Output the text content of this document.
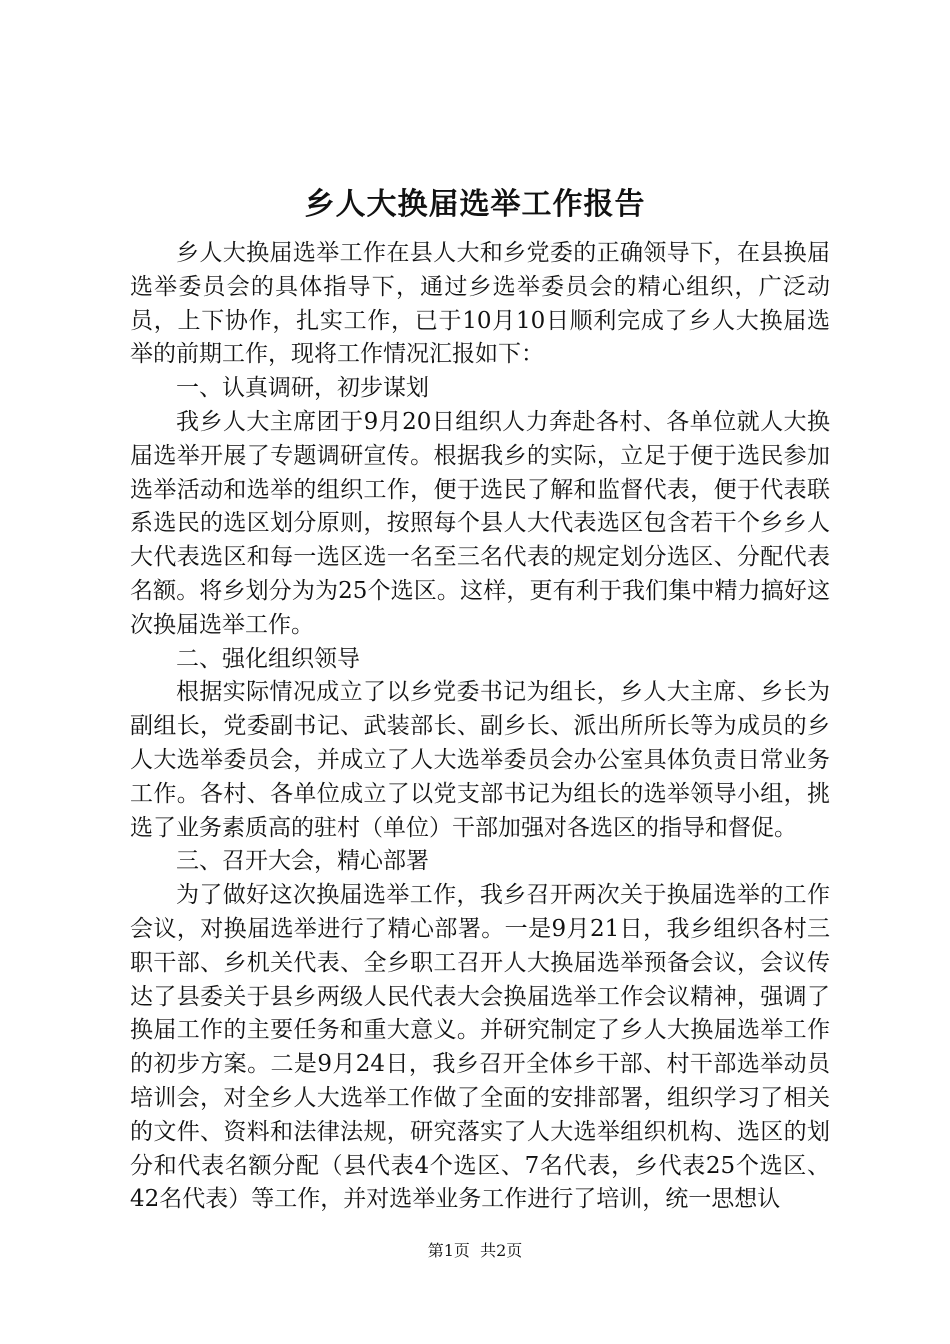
乡人大换届选举工作报告

乡人大换届选举工作在县人大和乡党委的正确领导下，在县换届选举委员会的具体指导下，通过乡选举委员会的精心组织，广泛动员，上下协作，扎实工作，已于10月10日顺利完成了乡人大换届选举的前期工作，现将工作情况汇报如下：

一、认真调研，初步谋划

我乡人大主席团于9月20日组织人力奔赴各村、各单位就人大换届选举开展了专题调研宣传。根据我乡的实际，立足于便于选民参加选举活动和选举的组织工作，便于选民了解和监督代表，便于代表联系选民的选区划分原则，按照每个县人大代表选区包含若干个乡乡人大代表选区和每一选区选一名至三名代表的规定划分选区、分配代表名额。将乡划分为为25个选区。这样，更有利于我们集中精力搞好这次换届选举工作。

二、强化组织领导

根据实际情况成立了以乡党委书记为组长，乡人大主席、乡长为副组长，党委副书记、武装部长、副乡长、派出所所长等为成员的乡人大选举委员会，并成立了人大选举委员会办公室具体负责日常业务工作。各村、各单位成立了以党支部书记为组长的选举领导小组，挑选了业务素质高的驻村（单位）干部加强对各选区的指导和督促。

三、召开大会，精心部署

为了做好这次换届选举工作，我乡召开两次关于换届选举的工作会议，对换届选举进行了精心部署。一是9月21日，我乡组织各村三职干部、乡机关代表、全乡职工召开人大换届选举预备会议，会议传达了县委关于县乡两级人民代表大会换届选举工作会议精神，强调了换届工作的主要任务和重大意义。并研究制定了乡人大换届选举工作的初步方案。二是9月24日，我乡召开全体乡干部、村干部选举动员培训会，对全乡人大选举工作做了全面的安排部署，组织学习了相关的文件、资料和法律法规，研究落实了人大选举组织机构、选区的划分和代表名额分配（县代表4个选区、7名代表，乡代表25个选区、42名代表）等工作，并对选举业务工作进行了培训，统一思想认

第1页 共2页
